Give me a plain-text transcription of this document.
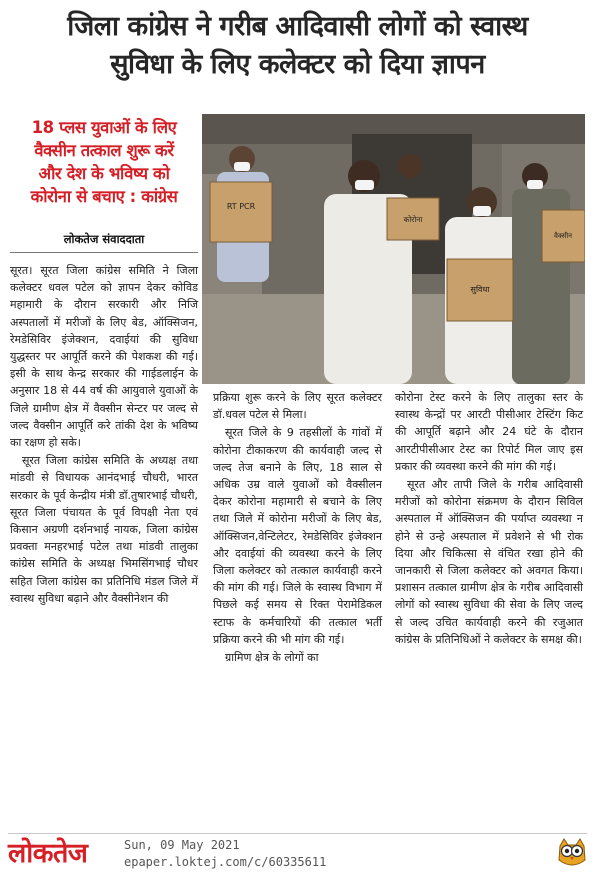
जिला कांग्रेस ने गरीब आदिवासी लोगों को स्वास्थ
सुविधा के लिए कलेक्टर को दिया ज्ञापन
18 प्लस युवाओं के लिए
वैक्सीन तत्काल शुरू करें
और देश के भविष्य को
कोरोना से बचाए : कांग्रेस
लोकतेज संवाददाता
RT PCR
कोरोना
सुविधा
वैक्सीन

सूरत। सूरत जिला कांग्रेस समिति ने जिला कलेक्टर धवल पटेल को ज्ञापन देकर कोविड महामारी के दौरान सरकारी और निजि अस्पतालों में मरीजों के लिए बेड, ऑक्सिजन, रेमडेसिविर इंजेक्शन, दवाईयां की सुविधा युद्धस्तर पर आपूर्ति करने की पेशकश की गई। इसी के साथ केन्द्र सरकार की गाईडलाईन के अनुसार 18 से 44 वर्ष की आयुवाले युवाओं के जिले ग्रामीण क्षेत्र में वैक्सीन सेन्टर पर जल्द से जल्द वैक्सीन आपूर्ति करे तांकी देश के भविष्य का रक्षण हो सके।

सूरत जिला कांग्रेस समिति के अध्यक्ष तथा मांडवी से विधायक आनंदभाई चौधरी, भारत सरकार के पूर्व केन्द्रीय मंत्री डॉ.तुषारभाई चौधरी, सूरत जिला पंचायत के पूर्व विपक्षी नेता एवं किसान अग्रणी दर्शनभाई नायक, जिला कांग्रेस प्रवक्ता मनहरभाई पटेल तथा मांडवी तालुका कांग्रेस समिति के अध्यक्ष भिमसिंगभाई चौधर सहित जिला कांग्रेस का प्रतिनिधि मंडल जिले में स्वास्थ सुविधा बढ़ाने और वैक्सीनेशन की

प्रक्रिया शुरू करने के लिए सूरत कलेक्टर डॉ.धवल पटेल से मिला।

सूरत जिले के 9 तहसीलों के गांवों में कोरोना टीकाकरण की कार्यवाही जल्द से जल्द तेज बनाने के लिए, 18 साल से अधिक उम्र वाले युवाओं को वैक्सीलन देकर कोरोना महामारी से बचाने के लिए तथा जिले में कोरोना मरीजों के लिए बेड, ऑक्सिजन,वेन्टिलेटर, रेमडेसिविर इंजेक्शन और दवाईयां की व्यवस्था करने के लिए जिला कलेक्टर को तत्काल कार्यवाही करने की मांग की गई। जिले के स्वास्थ विभाग में पिछले कई समय से रिक्त पेरामेडिकल स्टाफ के कर्मचारियों की तत्काल भर्ती प्रक्रिया करने की भी मांग की गई।

ग्रामिण क्षेत्र के लोगों का

कोरोना टेस्ट करने के लिए तालुका स्तर के स्वास्थ केन्द्रों पर आरटी पीसीआर टेस्टिंग किट की आपूर्ति बढ़ाने और 24 घंटे के दौरान आरटीपीसीआर टेस्ट का रिपोर्ट मिल जाए इस प्रकार की व्यवस्था करने की मांग की गई।

सूरत और तापी जिले के गरीब आदिवासी मरीजों को कोरोना संक्रमण के दौरान सिविल अस्पताल में ऑक्सिजन की पर्याप्त व्यवस्था न होने से उन्हे अस्पताल में प्रवेशने से भी रोक दिया और चिकित्सा से वंचित रखा होने की जानकारी से जिला कलेक्टर को अवगत किया। प्रशासन तत्काल ग्रामीण क्षेत्र के गरीब आदिवासी लोगों को स्वास्थ सुविधा की सेवा के लिए जल्द से जल्द उचित कार्यवाही करने की रजुआत कांग्रेस के प्रतिनिधिओं ने कलेक्टर के समक्ष की।

लोकतेज	Sun, 09 May 2021
epaper.loktej.com/c/60335611
